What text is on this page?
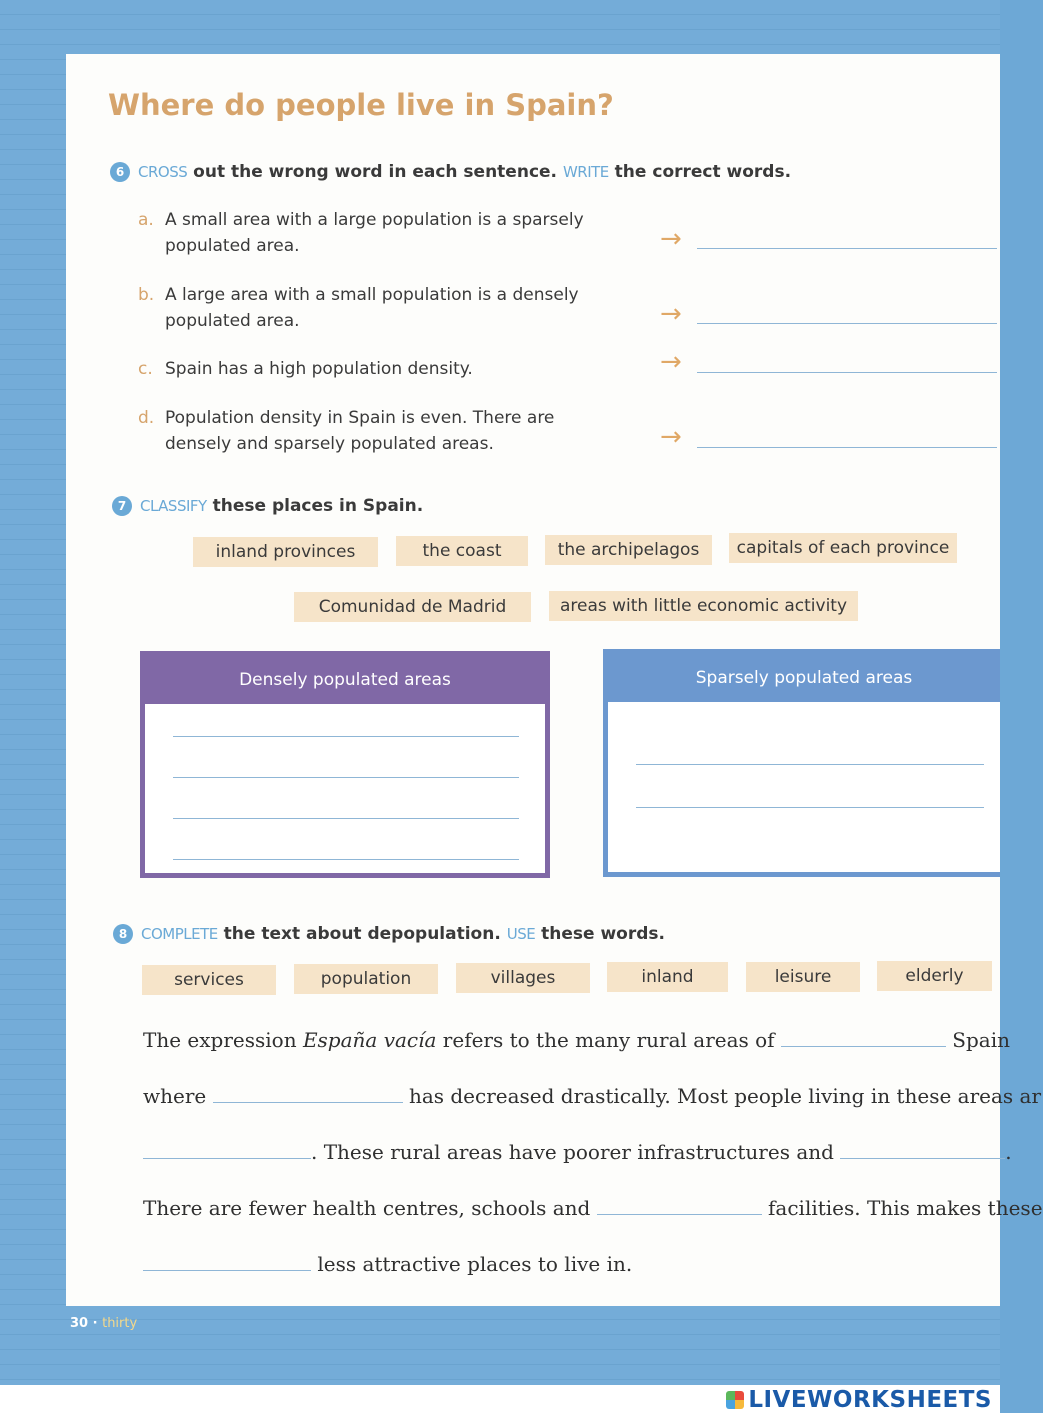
Where do people live in Spain?
6 CROSS out the wrong word in each sentence. WRITE the correct words.
a. A small area with a large population is a sparsely
populated area.	→
b. A large area with a small population is a densely
populated area.	→
c. Spain has a high population density.	→
d. Population density in Spain is even. There are
densely and sparsely populated areas.	→
7 CLASSIFY these places in Spain.
inland provinces	the coast	the archipelagos	capitals of each province
Comunidad de Madrid	areas with little economic activity
Densely populated areas	Sparsely populated areas
8 COMPLETE the text about depopulation. USE these words.
services	population	villages	inland	leisure	elderly
The expression España vacía refers to the many rural areas of	Spain
where	has decreased drastically. Most people living in these areas ar
. These rural areas have poorer infrastructures and	.
There are fewer health centres, schools and	facilities. This makes these
less attractive places to live in.
30 · thirty
LIVEWORKSHEETS
